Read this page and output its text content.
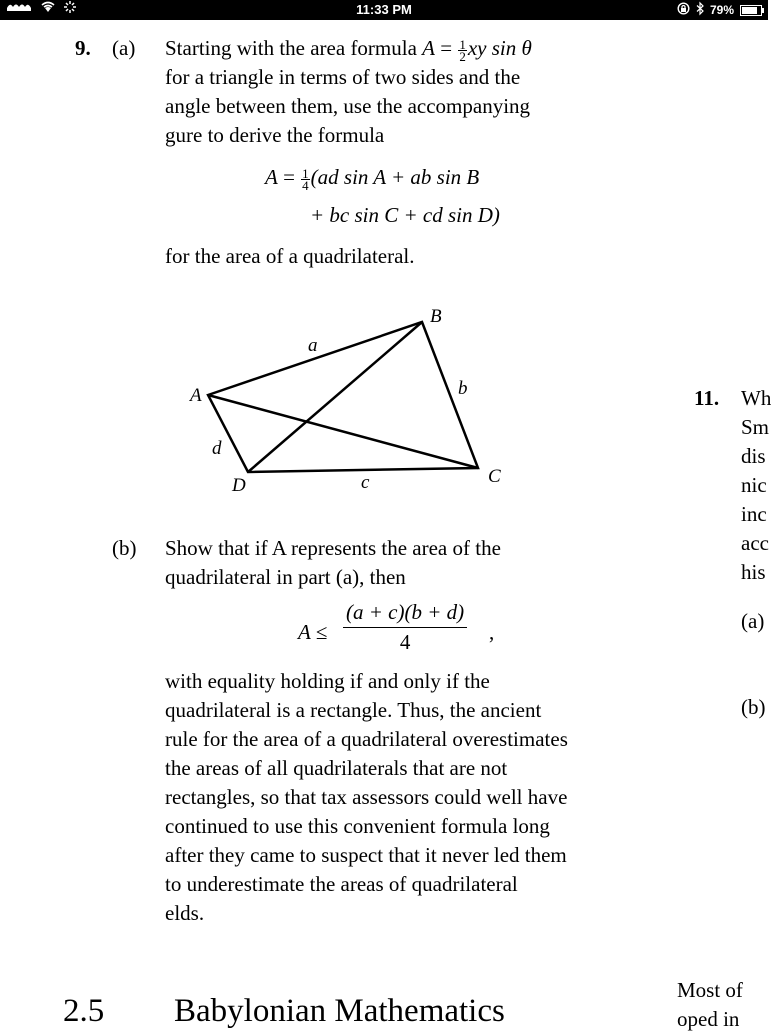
11:33 PM	79%
9. (a) Starting with the area formula $A = \frac{1}{2}$ xy sin θ
for a triangle in terms of two sides and the
angle between them, use the accompanying
gure to derive the formula
$A = \frac{1}{4} (ad$ sin A + ab sin B
+ bc sin C + cd sin D)
for the area of a quadrilateral.
A
B
C
D
a
b
c
d
(b) Show that if A represents the area of the
quadrilateral in part (a), then
$A \le \frac{(a + c)(b + d)}{4}$ ,
with equality holding if and only if the
quadrilateral is a rectangle. Thus, the ancient
rule for the area of a quadrilateral overestimates
the areas of all quadrilaterals that are not
rectangles, so that tax assessors could well have
continued to use this convenient formula long
after they came to suspect that it never led them
to underestimate the areas of quadrilateral
elds.
11. Wh
Sm
dis
nic
inc
acc
his
(a)
(b)
2.5 Babylonian Mathematics
Most of
oped in
